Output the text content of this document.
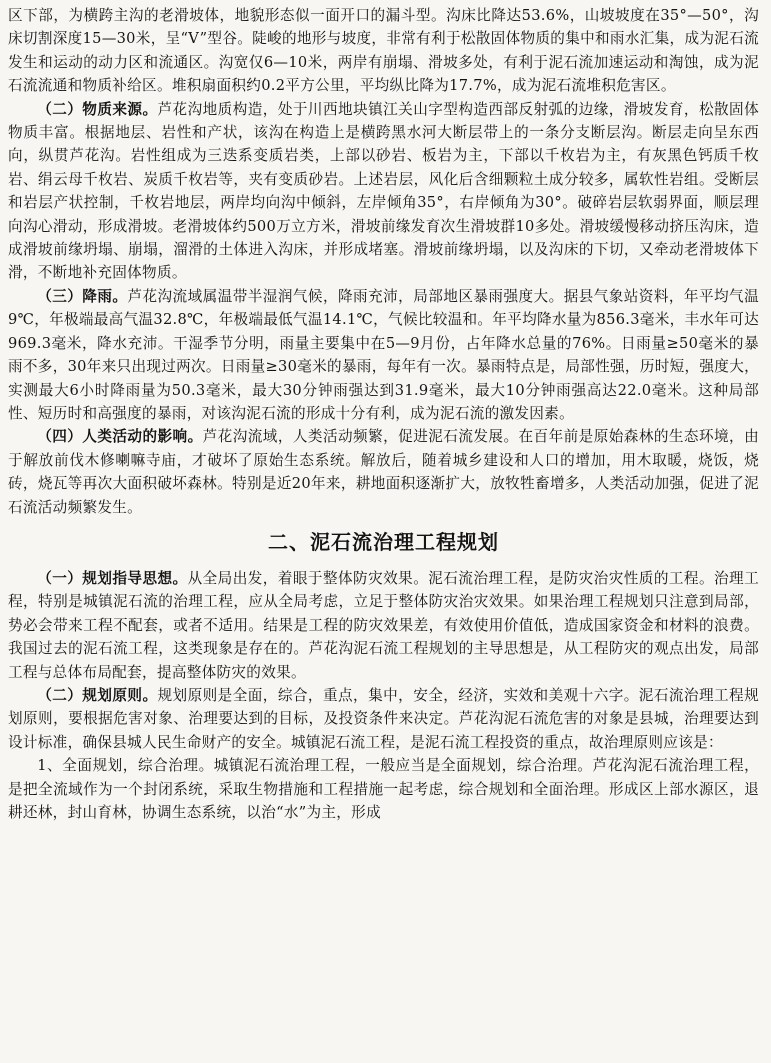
区下部，为横跨主沟的老滑坡体，地貌形态似一面开口的漏斗型。沟床比降达53.6%，山坡坡度在35°—50°，沟床切割深度15—30米，呈“V”型谷。陡峻的地形与坡度，非常有利于松散固体物质的集中和雨水汇集，成为泥石流发生和运动的动力区和流通区。沟宽仅6—10米，两岸有崩塌、滑坡多处，有利于泥石流加速运动和淘蚀，成为泥石流流通和物质补给区。堆积扇面积约0.2平方公里，平均纵比降为17.7%，成为泥石流堆积危害区。

（二）物质来源。芦花沟地质构造，处于川西地块镇江关山字型构造西部反射弧的边缘，滑坡发育，松散固体物质丰富。根据地层、岩性和产状，该沟在构造上是横跨黑水河大断层带上的一条分支断层沟。断层走向呈东西向，纵贯芦花沟。岩性组成为三迭系变质岩类，上部以砂岩、板岩为主，下部以千枚岩为主，有灰黑色钙质千枚岩、绢云母千枚岩、炭质千枚岩等，夹有变质砂岩。上述岩层，风化后含细颗粒土成分较多，属软性岩组。受断层和岩层产状控制，千枚岩地层，两岸均向沟中倾斜，左岸倾角35°，右岸倾角为30°。破碎岩层软弱界面，顺层理向沟心滑动，形成滑坡。老滑坡体约500万立方米，滑坡前缘发育次生滑坡群10多处。滑坡缓慢移动挤压沟床，造成滑坡前缘坍塌、崩塌，溜滑的土体进入沟床，并形成堵塞。滑坡前缘坍塌，以及沟床的下切，又牵动老滑坡体下滑，不断地补充固体物质。

（三）降雨。芦花沟流域属温带半湿润气候，降雨充沛，局部地区暴雨强度大。据县气象站资料，年平均气温9℃，年极端最高气温32.8℃，年极端最低气温14.1℃，气候比较温和。年平均降水量为856.3毫米，丰水年可达969.3毫米，降水充沛。干湿季节分明，雨量主要集中在5—9月份，占年降水总量的76%。日雨量≥50毫米的暴雨不多，30年来只出现过两次。日雨量≥30毫米的暴雨，每年有一次。暴雨特点是，局部性强，历时短，强度大，实测最大6小时降雨量为50.3毫米，最大30分钟雨强达到31.9毫米，最大10分钟雨强高达22.0毫米。这种局部性、短历时和高强度的暴雨，对该沟泥石流的形成十分有利，成为泥石流的激发因素。

（四）人类活动的影响。芦花沟流域，人类活动频繁，促进泥石流发展。在百年前是原始森林的生态环境，由于解放前伐木修喇嘛寺庙，才破坏了原始生态系统。解放后，随着城乡建设和人口的增加，用木取暖，烧饭，烧砖，烧瓦等再次大面积破坏森林。特别是近20年来，耕地面积逐渐扩大，放牧牲畜增多，人类活动加强，促进了泥石流活动频繁发生。

二、泥石流治理工程规划

（一）规划指导思想。从全局出发，着眼于整体防灾效果。泥石流治理工程，是防灾治灾性质的工程。治理工程，特别是城镇泥石流的治理工程，应从全局考虑，立足于整体防灾治灾效果。如果治理工程规划只注意到局部，势必会带来工程不配套，或者不适用。结果是工程的防灾效果差，有效使用价值低，造成国家资金和材料的浪费。我国过去的泥石流工程，这类现象是存在的。芦花沟泥石流工程规划的主导思想是，从工程防灾的观点出发，局部工程与总体布局配套，提高整体防灾的效果。

（二）规划原则。规划原则是全面，综合，重点，集中，安全，经济，实效和美观十六字。泥石流治理工程规划原则，要根据危害对象、治理要达到的目标，及投资条件来决定。芦花沟泥石流危害的对象是县城，治理要达到设计标准，确保县城人民生命财产的安全。城镇泥石流工程，是泥石流工程投资的重点，故治理原则应该是：

1、全面规划，综合治理。城镇泥石流治理工程，一般应当是全面规划，综合治理。芦花沟泥石流治理工程，是把全流域作为一个封闭系统，采取生物措施和工程措施一起考虑，综合规划和全面治理。形成区上部水源区，退耕还林，封山育林，协调生态系统，以治“水”为主，形成
